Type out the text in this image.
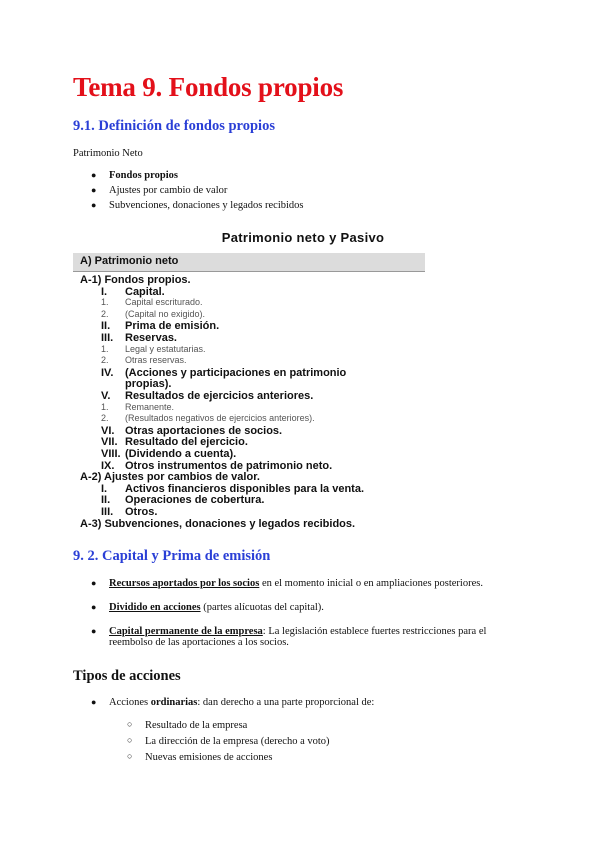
Tema 9. Fondos propios
9.1. Definición de fondos propios
Patrimonio Neto
● Fondos propios
● Ajustes por cambio de valor
● Subvenciones, donaciones y legados recibidos
Patrimonio neto y Pasivo
A) Patrimonio neto
A-1) Fondos propios.
I. Capital.
1. Capital escriturado.
2. (Capital no exigido).
II. Prima de emisión.
III. Reservas.
1. Legal y estatutarias.
2. Otras reservas.
IV. (Acciones y participaciones en patrimonio
propias).
V. Resultados de ejercicios anteriores.
1. Remanente.
2. (Resultados negativos de ejercicios anteriores).
VI. Otras aportaciones de socios.
VII. Resultado del ejercicio.
VIII. (Dividendo a cuenta).
IX. Otros instrumentos de patrimonio neto.
A-2) Ajustes por cambios de valor.
I. Activos financieros disponibles para la venta.
II. Operaciones de cobertura.
III. Otros.
A-3) Subvenciones, donaciones y legados recibidos.
9. 2. Capital y Prima de emisión
● Recursos aportados por los socios en el momento inicial o en ampliaciones posteriores.
● Dividido en acciones (partes alícuotas del capital).
● Capital permanente de la empresa: La legislación establece fuertes restricciones para el
reembolso de las aportaciones a los socios.
Tipos de acciones
● Acciones ordinarias: dan derecho a una parte proporcional de:
○ Resultado de la empresa
○ La dirección de la empresa (derecho a voto)
○ Nuevas emisiones de acciones
